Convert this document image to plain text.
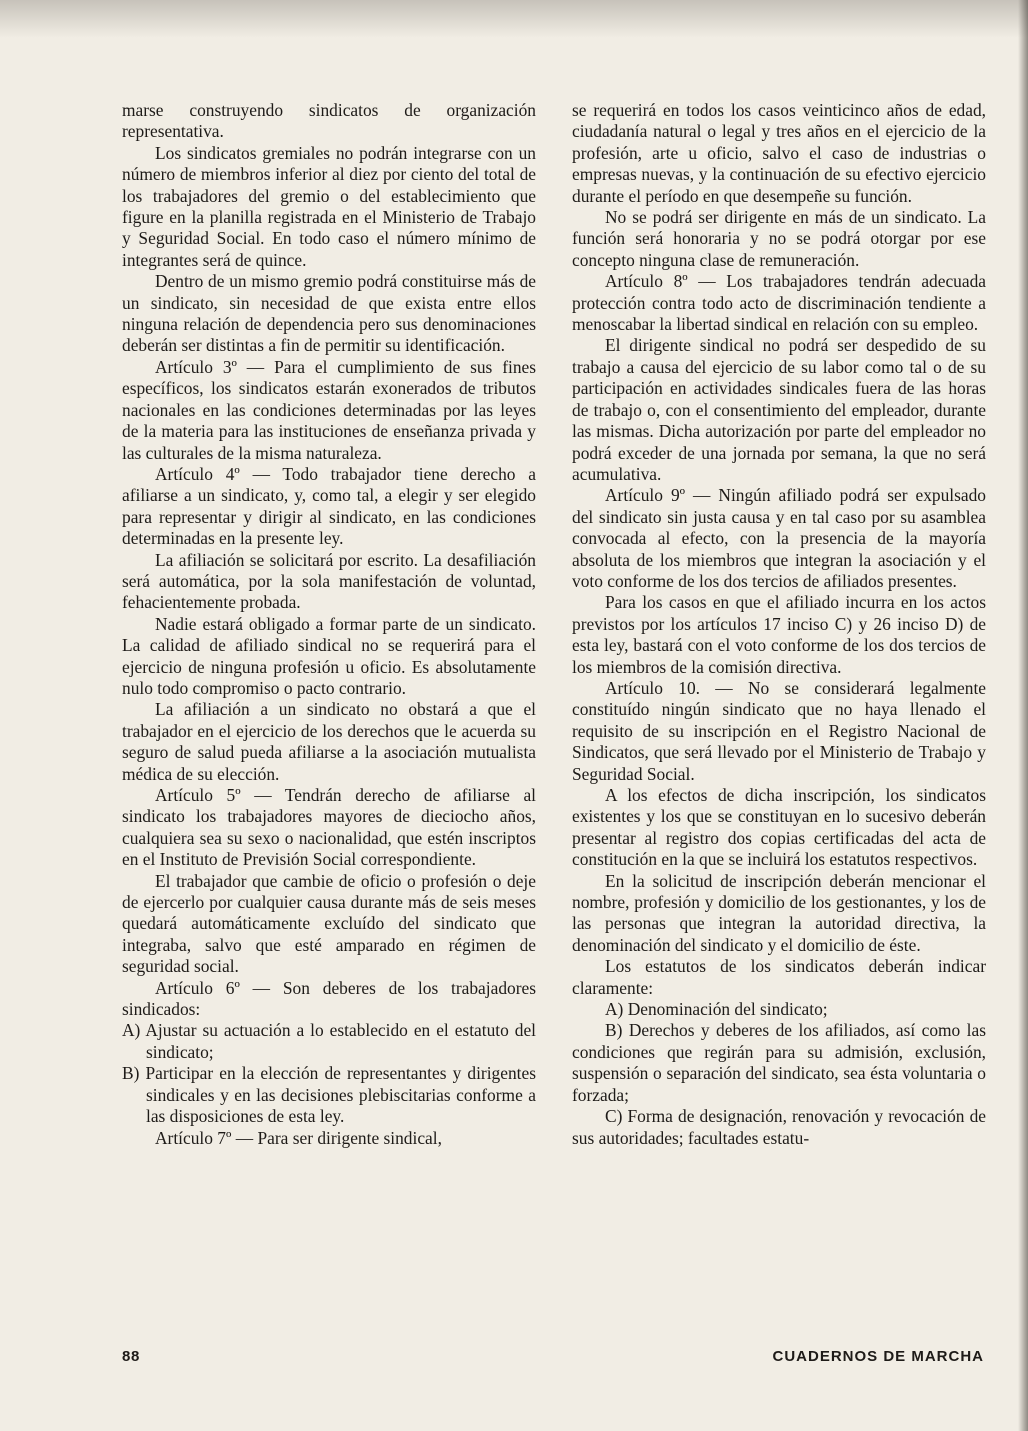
marse construyendo sindicatos de organización representativa.

Los sindicatos gremiales no podrán integrarse con un número de miembros inferior al diez por ciento del total de los trabajadores del gremio o del establecimiento que figure en la planilla registrada en el Ministerio de Trabajo y Seguridad Social. En todo caso el número mínimo de integrantes será de quince.

Dentro de un mismo gremio podrá constituirse más de un sindicato, sin necesidad de que exista entre ellos ninguna relación de dependencia pero sus denominaciones deberán ser distintas a fin de permitir su identificación.

Artículo 3º — Para el cumplimiento de sus fines específicos, los sindicatos estarán exonerados de tributos nacionales en las condiciones determinadas por las leyes de la materia para las instituciones de enseñanza privada y las culturales de la misma naturaleza.

Artículo 4º — Todo trabajador tiene derecho a afiliarse a un sindicato, y, como tal, a elegir y ser elegido para representar y dirigir al sindicato, en las condiciones determinadas en la presente ley.

La afiliación se solicitará por escrito. La desafiliación será automática, por la sola manifestación de voluntad, fehacientemente probada.

Nadie estará obligado a formar parte de un sindicato. La calidad de afiliado sindical no se requerirá para el ejercicio de ninguna profesión u oficio. Es absolutamente nulo todo compromiso o pacto contrario.

La afiliación a un sindicato no obstará a que el trabajador en el ejercicio de los derechos que le acuerda su seguro de salud pueda afiliarse a la asociación mutualista médica de su elección.

Artículo 5º — Tendrán derecho de afiliarse al sindicato los trabajadores mayores de dieciocho años, cualquiera sea su sexo o nacionalidad, que estén inscriptos en el Instituto de Previsión Social correspondiente.

El trabajador que cambie de oficio o profesión o deje de ejercerlo por cualquier causa durante más de seis meses quedará automáticamente excluído del sindicato que integraba, salvo que esté amparado en régimen de seguridad social.

Artículo 6º — Son deberes de los trabajadores sindicados:

A) Ajustar su actuación a lo establecido en el estatuto del sindicato;

B) Participar en la elección de representantes y dirigentes sindicales y en las decisiones plebiscitarias conforme a las disposiciones de esta ley.

Artículo 7º — Para ser dirigente sindical,

se requerirá en todos los casos veinticinco años de edad, ciudadanía natural o legal y tres años en el ejercicio de la profesión, arte u oficio, salvo el caso de industrias o empresas nuevas, y la continuación de su efectivo ejercicio durante el período en que desempeñe su función.

No se podrá ser dirigente en más de un sindicato. La función será honoraria y no se podrá otorgar por ese concepto ninguna clase de remuneración.

Artículo 8º — Los trabajadores tendrán adecuada protección contra todo acto de discriminación tendiente a menoscabar la libertad sindical en relación con su empleo.

El dirigente sindical no podrá ser despedido de su trabajo a causa del ejercicio de su labor como tal o de su participación en actividades sindicales fuera de las horas de trabajo o, con el consentimiento del empleador, durante las mismas. Dicha autorización por parte del empleador no podrá exceder de una jornada por semana, la que no será acumulativa.

Artículo 9º — Ningún afiliado podrá ser expulsado del sindicato sin justa causa y en tal caso por su asamblea convocada al efecto, con la presencia de la mayoría absoluta de los miembros que integran la asociación y el voto conforme de los dos tercios de afiliados presentes.

Para los casos en que el afiliado incurra en los actos previstos por los artículos 17 inciso C) y 26 inciso D) de esta ley, bastará con el voto conforme de los dos tercios de los miembros de la comisión directiva.

Artículo 10. — No se considerará legalmente constituído ningún sindicato que no haya llenado el requisito de su inscripción en el Registro Nacional de Sindicatos, que será llevado por el Ministerio de Trabajo y Seguridad Social.

A los efectos de dicha inscripción, los sindicatos existentes y los que se constituyan en lo sucesivo deberán presentar al registro dos copias certificadas del acta de constitución en la que se incluirá los estatutos respectivos.

En la solicitud de inscripción deberán mencionar el nombre, profesión y domicilio de los gestionantes, y los de las personas que integran la autoridad directiva, la denominación del sindicato y el domicilio de éste.

Los estatutos de los sindicatos deberán indicar claramente:

A) Denominación del sindicato;

B) Derechos y deberes de los afiliados, así como las condiciones que regirán para su admisión, exclusión, suspensión o separación del sindicato, sea ésta voluntaria o forzada;

C) Forma de designación, renovación y revocación de sus autoridades; facultades estatu-

88	CUADERNOS DE MARCHA
